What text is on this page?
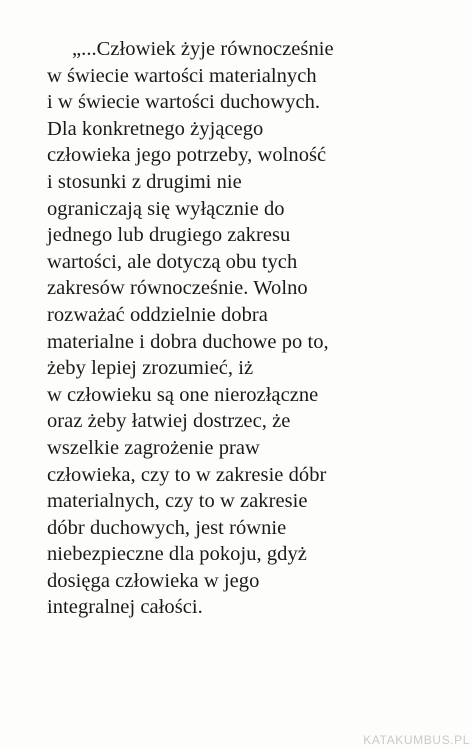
„...Człowiek żyje równocześnie
w świecie wartości materialnych
i w świecie wartości duchowych.
Dla konkretnego żyjącego
człowieka jego potrzeby, wolność
i stosunki z drugimi nie
ograniczają się wyłącznie do
jednego lub drugiego zakresu
wartości, ale dotyczą obu tych
zakresów równocześnie. Wolno
rozważać oddzielnie dobra
materialne i dobra duchowe po to,
żeby lepiej zrozumieć, iż
w człowieku są one nierozłączne
oraz żeby łatwiej dostrzec, że
wszelkie zagrożenie praw
człowieka, czy to w zakresie dóbr
materialnych, czy to w zakresie
dóbr duchowych, jest równie
niebezpieczne dla pokoju, gdyż
dosięga człowieka w jego
integralnej całości.

KATAKUMBUS.PL
